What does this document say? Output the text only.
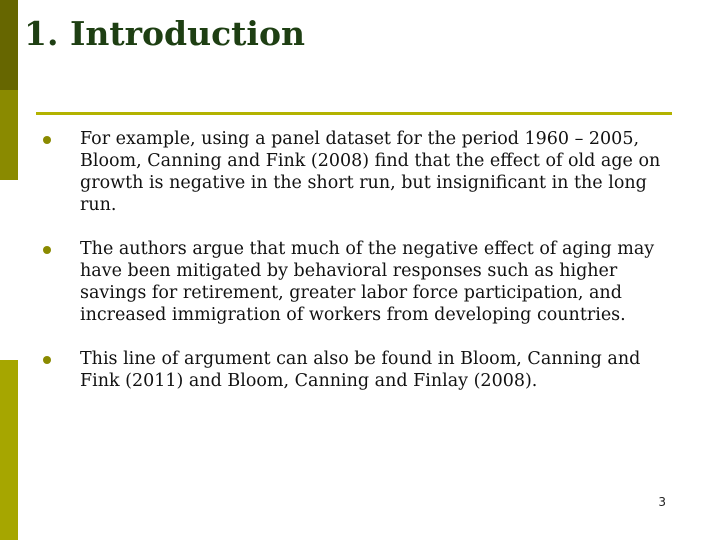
1. Introduction
For example, using a panel dataset for the period 1960 – 2005, Bloom, Canning and Fink (2008) find that the effect of old age on growth is negative in the short run, but insignificant in the long run.
The authors argue that much of the negative effect of aging may have been mitigated by behavioral responses such as higher savings for retirement, greater labor force participation, and increased immigration of workers from developing countries.
This line of argument can also be found in Bloom, Canning and Fink (2011) and Bloom, Canning and Finlay (2008).
3
